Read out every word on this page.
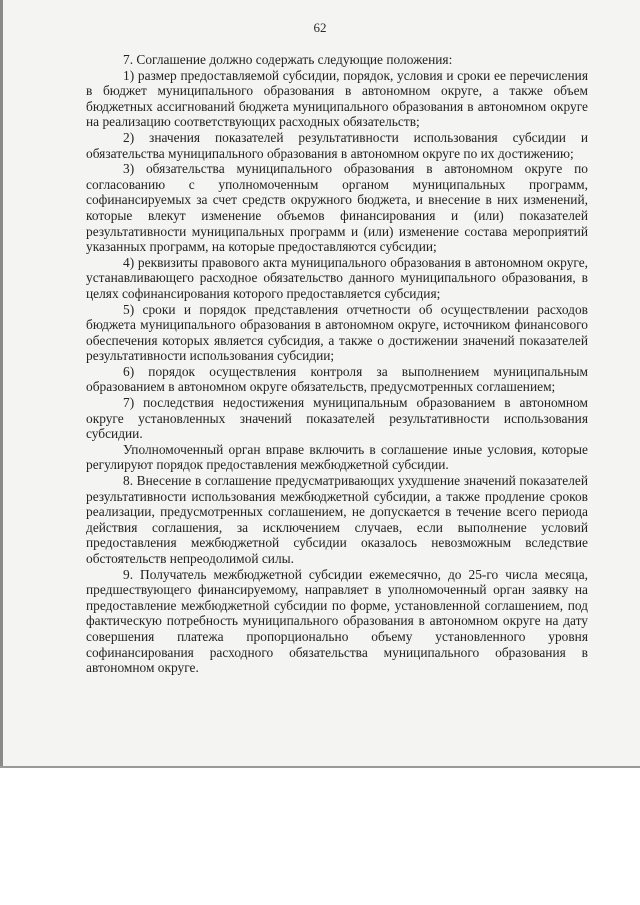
62

7. Соглашение должно содержать следующие положения:

1) размер предоставляемой субсидии, порядок, условия и сроки ее перечисления в бюджет муниципального образования в автономном округе, а также объем бюджетных ассигнований бюджета муниципального образования в автономном округе на реализацию соответствующих расходных обязательств;

2) значения показателей результативности использования субсидии и обязательства муниципального образования в автономном округе по их достижению;

3) обязательства муниципального образования в автономном округе по согласованию с уполномоченным органом муниципальных программ, софинансируемых за счет средств окружного бюджета, и внесение в них изменений, которые влекут изменение объемов финансирования и (или) показателей результативности муниципальных программ и (или) изменение состава мероприятий указанных программ, на которые предоставляются субсидии;

4) реквизиты правового акта муниципального образования в автономном округе, устанавливающего расходное обязательство данного муниципального образования, в целях софинансирования которого предоставляется субсидия;

5) сроки и порядок представления отчетности об осуществлении расходов бюджета муниципального образования в автономном округе, источником финансового обеспечения которых является субсидия, а также о достижении значений показателей результативности использования субсидии;

6) порядок осуществления контроля за выполнением муниципальным образованием в автономном округе обязательств, предусмотренных соглашением;

7) последствия недостижения муниципальным образованием в автономном округе установленных значений показателей результативности использования субсидии.

Уполномоченный орган вправе включить в соглашение иные условия, которые регулируют порядок предоставления межбюджетной субсидии.

8. Внесение в соглашение предусматривающих ухудшение значений показателей результативности использования межбюджетной субсидии, а также продление сроков реализации, предусмотренных соглашением, не допускается в течение всего периода действия соглашения, за исключением случаев, если выполнение условий предоставления межбюджетной субсидии оказалось невозможным вследствие обстоятельств непреодолимой силы.

9. Получатель межбюджетной субсидии ежемесячно, до 25-го числа месяца, предшествующего финансируемому, направляет в уполномоченный орган заявку на предоставление межбюджетной субсидии по форме, установленной соглашением, под фактическую потребность муниципального образования в автономном округе на дату совершения платежа пропорционально объему установленного уровня софинансирования расходного обязательства муниципального образования в автономном округе.
